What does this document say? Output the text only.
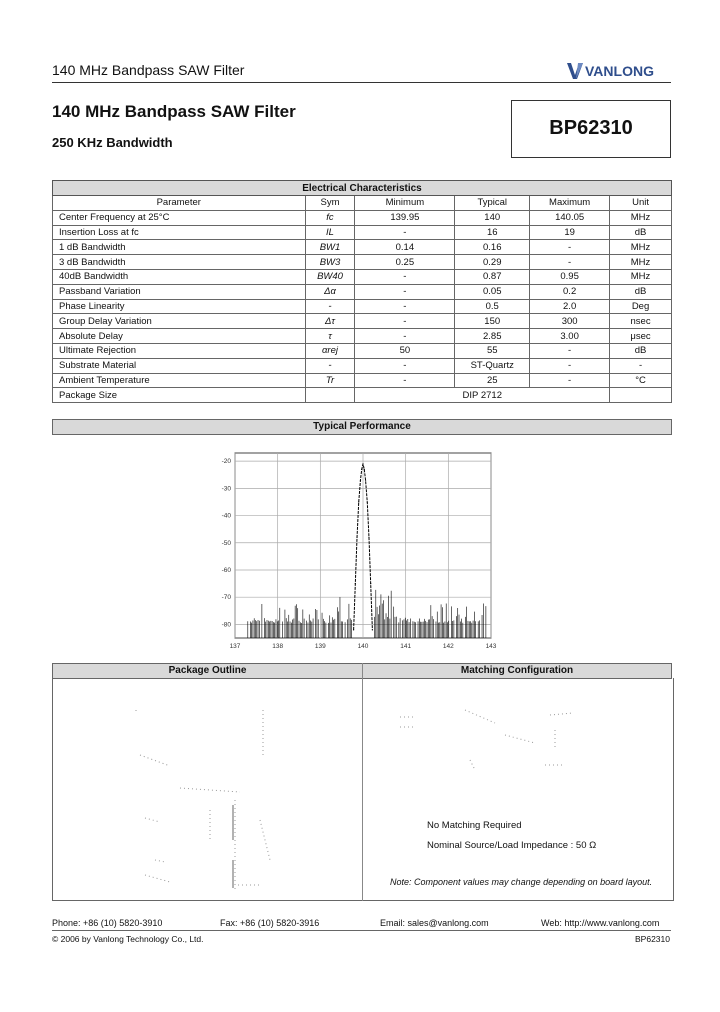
140 MHz Bandpass SAW Filter	VANLONG
140 MHz Bandpass SAW Filter
250 KHz Bandwidth
BP62310
Electrical Characteristics					
Parameter	Sym	Minimum	Typical	Maximum	Unit
Center Frequency at 25°C	fc	139.95	140	140.05	MHz
Insertion Loss at fc	IL	-	16	19	dB
1 dB Bandwidth	BW1	0.14	0.16	-	MHz
3 dB Bandwidth	BW3	0.25	0.29	-	MHz
40dB Bandwidth	BW40	-	0.87	0.95	MHz
Passband Variation	Δα	-	0.05	0.2	dB
Phase Linearity	-	-	0.5	2.0	Deg
Group Delay Variation	Δτ	-	150	300	nsec
Absolute Delay	τ	-	2.85	3.00	μsec
Ultimate Rejection	αrej	50	55	-	dB
Substrate Material	-	-	ST-Quartz	-	-
Ambient Temperature	Tr	-	25	-	°C
Package Size		DIP 2712			
Typical Performance
137	138	139	140	141	142	143
-20
-30
-40
-50
-60
-70
-80
Package Outline	Matching Configuration
No Matching Required
Nominal Source/Load Impedance : 50 Ω
Note: Component values may change depending on board layout.
Phone: +86 (10) 5820-3910	Fax: +86 (10) 5820-3916	Email: sales@vanlong.com	Web: http://www.vanlong.com
© 2006 by Vanlong Technology Co., Ltd.	BP62310
